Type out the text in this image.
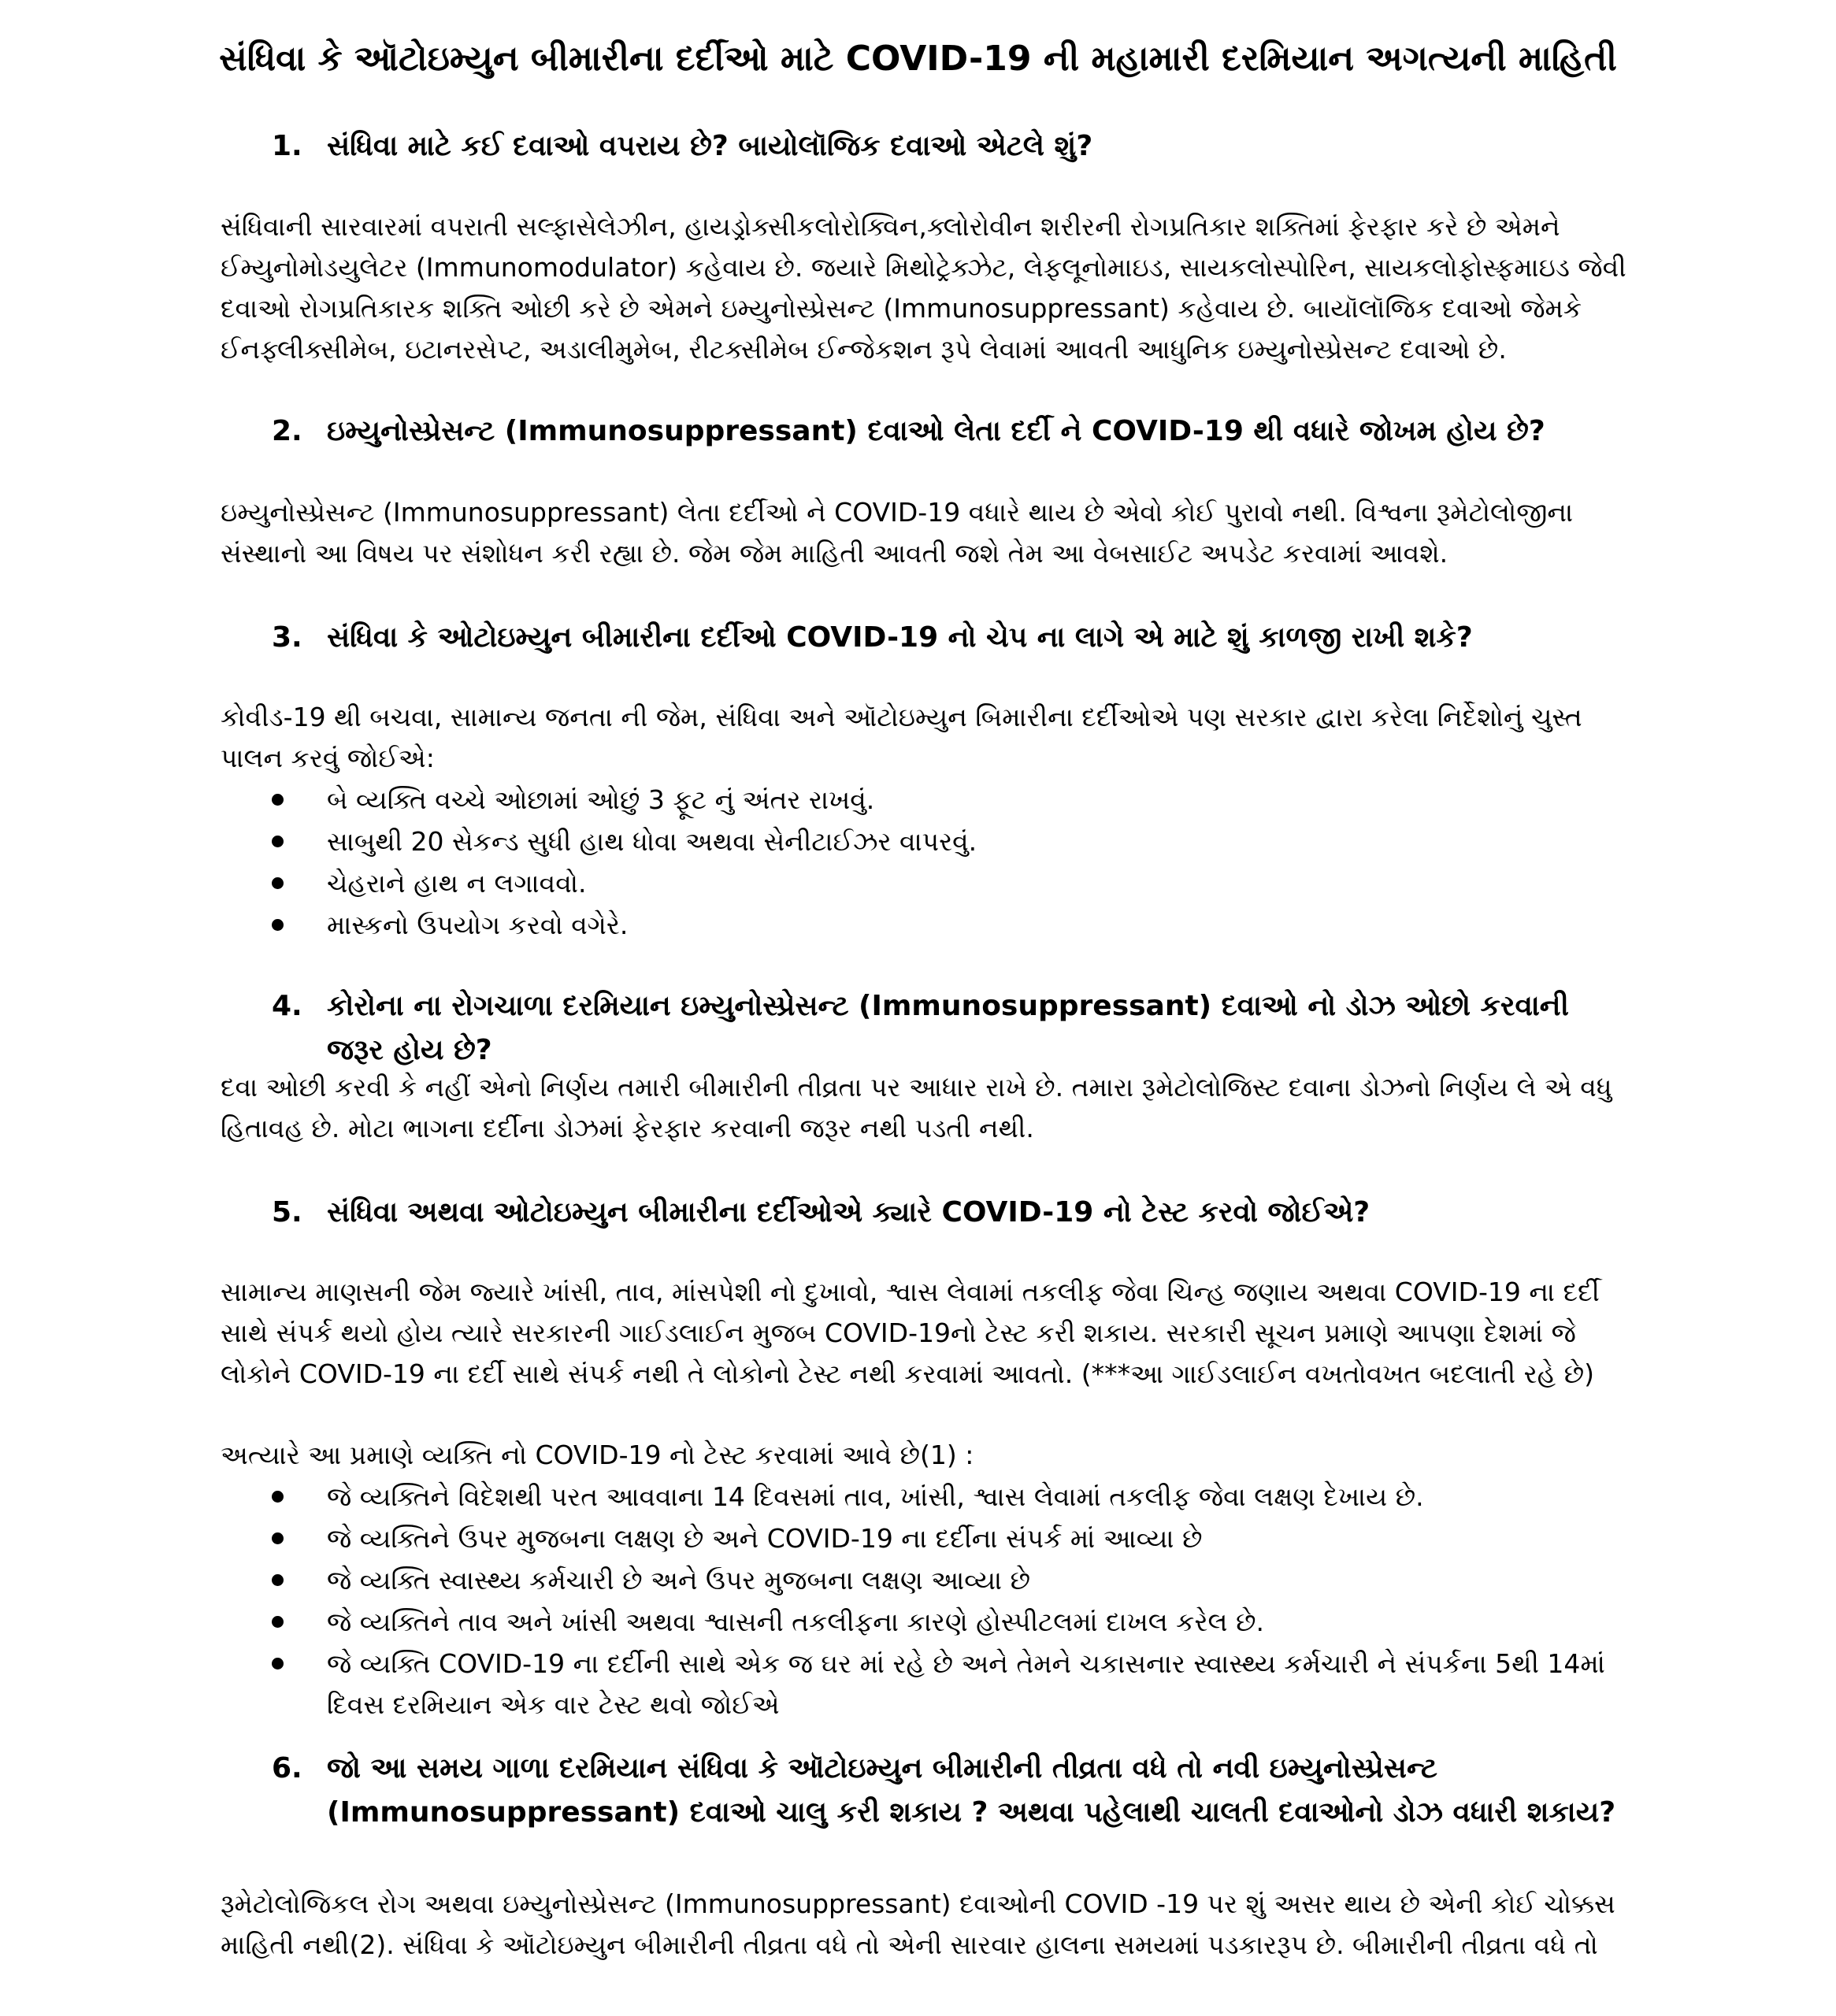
સંધિવા કે ઑટોઇમ્યુન બીમારીના દર્દીઓ માટે COVID-19 ની મહામારી દરમિયાન અગત્યની માહિતી
1. સંધિવા માટે કઈ દવાઓ વપરાય છે? બાયોલૉજિક દવાઓ એટલે શું?

સંધિવાની સારવારમાં વપરાતી સલ્ફાસેલેઝીન, હાયડ્રોક્સીકલોરોક્વિન,ક્લોરોવીન શરીરની રોગપ્રતિકાર શક્તિમાં ફેરફાર કરે છે એમને ઈમ્યુનોમોડયુલેટર (Immunomodulator) કહેવાય છે. જયારે મિથોટ્રેક્ઝેટ, લેફલૂનોમાઇડ, સાયકલોસ્પોરિન, સાયકલોફોસ્ફમાઇડ જેવી દવાઓ રોગપ્રતિકારક શક્તિ ઓછી કરે છે એમને ઇમ્યુનોસ્પ્રેસન્ટ (Immunosuppressant) કહેવાય છે. બાયૉલૉજિક દવાઓ જેમકે ઈનફ્લીક્સીમેબ, ઇટાનરસેપ્ટ, અડાલીમુમેબ, રીટક્સીમેબ ઈન્જેકશન રૂપે લેવામાં આવતી આધુનિક ઇમ્યુનોસ્પ્રેસન્ટ દવાઓ છે.

2. ઇમ્યુનોસ્પ્રેસન્ટ (Immunosuppressant) દવાઓ લેતા દર્દી ને COVID-19 થી વધારે જોખમ હોય છે?

ઇમ્યુનોસ્પ્રેસન્ટ (Immunosuppressant) લેતા દર્દીઓ ને COVID-19 વધારે થાય છે એવો કોઈ પુરાવો નથી. વિશ્વના રૂમેટોલોજીના સંસ્થાનો આ વિષય પર સંશોધન કરી રહ્યા છે. જેમ જેમ માહિતી આવતી જશે તેમ આ વેબસાઈટ અપડેટ કરવામાં આવશે.

3. સંધિવા કે ઓટોઇમ્યુન બીમારીના દર્દીઓ COVID-19 નો ચેપ ના લાગે એ માટે શું કાળજી રાખી શકે?

કોવીડ-19 થી બચવા, સામાન્ય જનતા ની જેમ, સંધિવા અને ઑટોઇમ્યુન બિમારીના દર્દીઓએ પણ સરકાર દ્વારા કરેલા નિર્દેશોનું ચુસ્ત પાલન કરવું જોઈએ:

બે વ્યક્તિ વચ્ચે ઓછામાં ઓછું 3 ફૂટ નું અંતર રાખવું.
સાબુથી 20 સેકન્ડ સુધી હાથ ધોવા અથવા સેનીટાઈઝર વાપરવું.
ચેહરાને હાથ ન લગાવવો.
માસ્કનો ઉપયોગ કરવો વગેરે.
4. કોરોના ના રોગચાળા દરમિયાન ઇમ્યુનોસ્પ્રેસન્ટ (Immunosuppressant) દવાઓ નો ડોઝ ઓછો કરવાની જરૂર હોય છે?

દવા ઓછી કરવી કે નહીં એનો નિર્ણય તમારી બીમારીની તીવ્રતા પર આધાર રાખે છે. તમારા રૂમેટોલોજિસ્ટ દવાના ડોઝનો નિર્ણય લે એ વધુ હિતાવહ છે. મોટા ભાગના દર્દીના ડોઝમાં ફેરફાર કરવાની જરૂર નથી પડતી નથી.

5. સંધિવા અથવા ઓટોઇમ્યુન બીમારીના દર્દીઓએ ક્યારે COVID-19 નો ટેસ્ટ કરવો જોઈએ?

સામાન્ય માણસની જેમ જ્યારે ખાંસી, તાવ, માંસપેશી નો દુખાવો, શ્વાસ લેવામાં તકલીફ જેવા ચિન્હ જણાય અથવા COVID-19 ના દર્દી સાથે સંપર્ક થયો હોય ત્યારે સરકારની ગાઈડલાઈન મુજબ COVID-19નો ટેસ્ટ કરી શકાય. સરકારી સૂચન પ્રમાણે આપણા દેશમાં જે લોકોને COVID-19 ના દર્દી સાથે સંપર્ક નથી તે લોકોનો ટેસ્ટ નથી કરવામાં આવતો. (***આ ગાઈડલાઈન વખતોવખત બદલાતી રહે છે)

અત્યારે આ પ્રમાણે વ્યક્તિ નો COVID-19 નો ટેસ્ટ કરવામાં આવે છે(1) :

જે વ્યક્તિને વિદેશથી પરત આવવાના 14 દિવસમાં તાવ, ખાંસી, શ્વાસ લેવામાં તકલીફ જેવા લક્ષણ દેખાય છે.
જે વ્યક્તિને ઉપર મુજબના લક્ષણ છે અને COVID-19 ના દર્દીના સંપર્ક માં આવ્યા છે
જે વ્યક્તિ સ્વાસ્થ્ય કર્મચારી છે અને ઉપર મુજબના લક્ષણ આવ્યા છે
જે વ્યક્તિને તાવ અને ખાંસી અથવા શ્વાસની તકલીફના કારણે હોસ્પીટલમાં દાખલ કરેલ છે.
જે વ્યક્તિ COVID-19 ના દર્દીની સાથે એક જ ઘર માં રહે છે અને તેમને ચકાસનાર સ્વાસ્થ્ય કર્મચારી ને સંપર્કના 5થી 14માં દિવસ દરમિયાન એક વાર ટેસ્ટ થવો જોઈએ
6. જો આ સમય ગાળા દરમિયાન સંધિવા કે ઑટોઇમ્યુન બીમારીની તીવ્રતા વધે તો નવી ઇમ્યુનોસ્પ્રેસન્ટ (Immunosuppressant) દવાઓ ચાલુ કરી શકાય ? અથવા પહેલાથી ચાલતી દવાઓનો ડોઝ વધારી શકાય?

રૂમેટોલોજિકલ રોગ અથવા ઇમ્યુનોસ્પ્રેસન્ટ (Immunosuppressant) દવાઓની COVID -19 પર શું અસર થાય છે એની કોઈ ચોક્કસ માહિતી નથી(2). સંધિવા કે ઑટોઇમ્યુન બીમારીની તીવ્રતા વધે તો એની સારવાર હાલના સમયમાં પડકારરૂપ છે. બીમારીની તીવ્રતા વધે તો
